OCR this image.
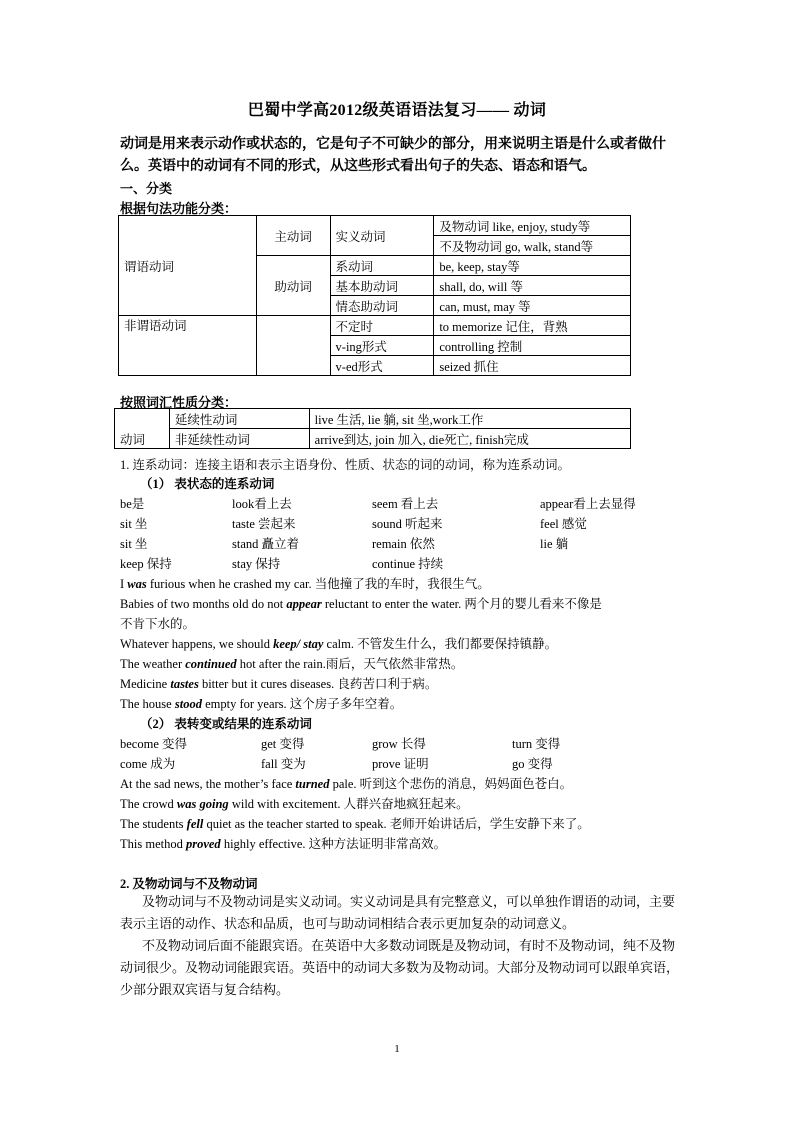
巴蜀中学高2012级英语语法复习—— 动词
动词是用来表示动作或状态的，它是句子不可缺少的部分，用来说明主语是什么或者做什么。英语中的动词有不同的形式，从这些形式看出句子的失态、语态和语气。
一、分类
根据句法功能分类：
谓语动词	主动词	实义动词	及物动词 like, enjoy, study等
			不及物动词 go, walk, stand等
	助动词	系动词	be, keep, stay等
		基本助动词	shall, do, will 等
		情态助动词	can, must, may 等
非谓语动词		不定时	to memorize 记住，背熟
		v-ing形式	controlling 控制
		v-ed形式	seized 抓住
按照词汇性质分类：
动词	延续性动词	live 生活, lie 躺, sit 坐,work工作
	非延续性动词	arrive到达, join 加入, die死亡, finish完成
1. 连系动词：连接主语和表示主语身份、性质、状态的词的动词，称为连系动词。
（1） 表状态的连系动词
be是	look看上去	seem 看上去	appear看上去显得
sit 坐	taste 尝起来	sound 听起来	feel 感觉
sit 坐	stand 矗立着	remain 依然	lie 躺
keep 保持	stay 保持	continue 持续
I was furious when he crashed my car. 当他撞了我的车时，我很生气。
Babies of two months old do not appear reluctant to enter the water. 两个月的婴儿看来不像是
不肯下水的。
Whatever happens, we should keep/ stay calm. 不管发生什么，我们都要保持镇静。
The weather continued hot after the rain.雨后，天气依然非常热。
Medicine tastes bitter but it cures diseases. 良药苦口利于病。
The house stood empty for years. 这个房子多年空着。
（2） 表转变或结果的连系动词
become 变得	get 变得	grow 长得	turn 变得
come 成为	fall 变为	prove 证明	go 变得
At the sad news, the mother’s face turned pale. 听到这个悲伤的消息，妈妈面色苍白。
The crowd was going wild with excitement. 人群兴奋地疯狂起来。
The students fell quiet as the teacher started to speak. 老师开始讲话后，学生安静下来了。
This method proved highly effective. 这种方法证明非常高效。
2. 及物动词与不及物动词
及物动词与不及物动词是实义动词。实义动词是具有完整意义，可以单独作谓语的动词，主要表示主语的动作、状态和品质，也可与助动词相结合表示更加复杂的动词意义。
不及物动词后面不能跟宾语。在英语中大多数动词既是及物动词，有时不及物动词，纯不及物动词很少。及物动词能跟宾语。英语中的动词大多数为及物动词。大部分及物动词可以跟单宾语，少部分跟双宾语与复合结构。
1
